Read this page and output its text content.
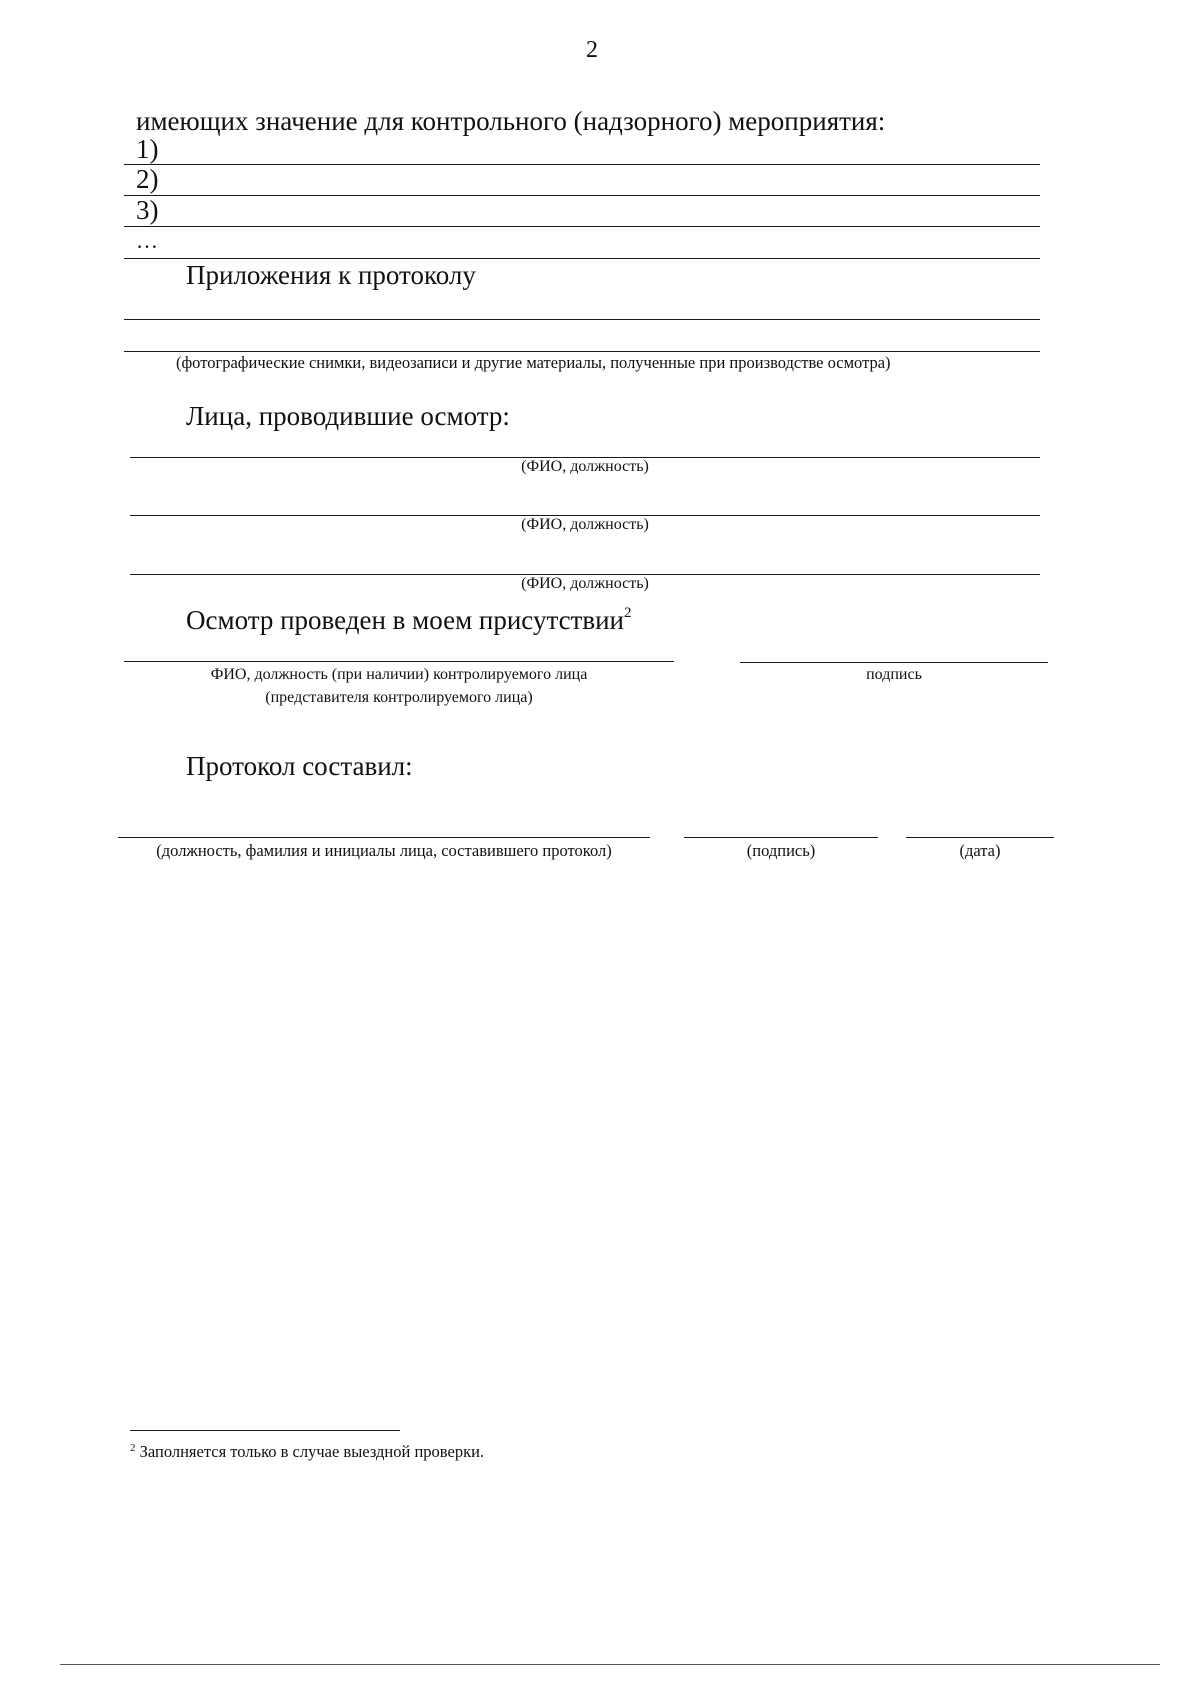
2
имеющих значение для контрольного (надзорного) мероприятия:
1)
2)
3)
…
Приложения к протоколу
(фотографические снимки, видеозаписи и другие материалы, полученные при производстве осмотра)
Лица, проводившие осмотр:
(ФИО, должность)
(ФИО, должность)
(ФИО, должность)
Осмотр проведен в моем присутствии$^2$
ФИО, должность (при наличии) контролируемого лица
(представителя контролируемого лица)
подпись
Протокол составил:
(должность, фамилия и инициалы лица, составившего протокол)	(подпись)	(дата)
$^2$ Заполняется только в случае выездной проверки.
